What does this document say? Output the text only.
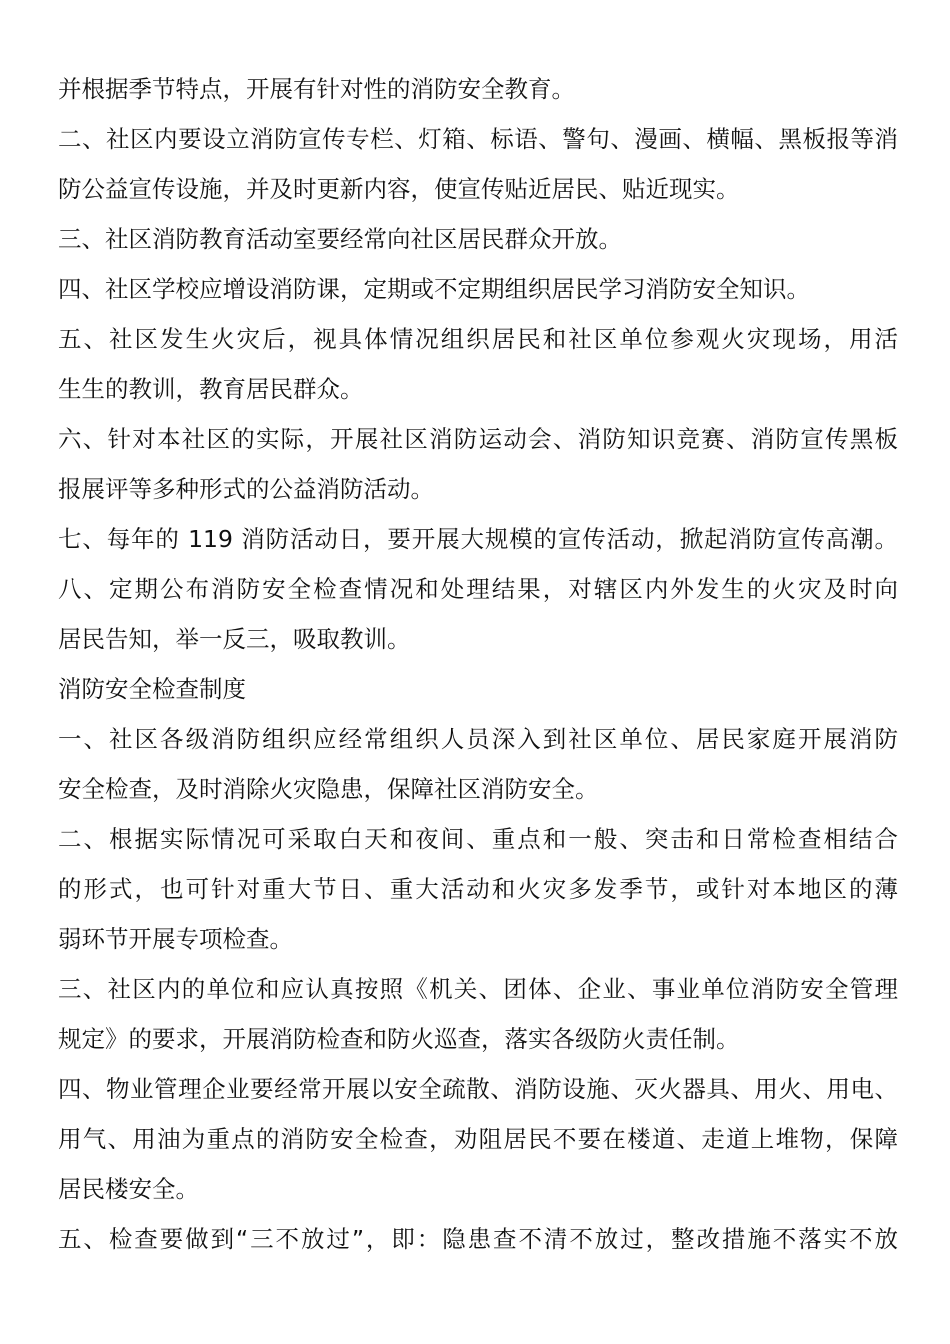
并根据季节特点，开展有针对性的消防安全教育。
二、社区内要设立消防宣传专栏、灯箱、标语、警句、漫画、横幅、黑板报等消
防公益宣传设施，并及时更新内容，使宣传贴近居民、贴近现实。
三、社区消防教育活动室要经常向社区居民群众开放。
四、社区学校应增设消防课，定期或不定期组织居民学习消防安全知识。
五、社区发生火灾后，视具体情况组织居民和社区单位参观火灾现场，用活
生生的教训，教育居民群众。
六、针对本社区的实际，开展社区消防运动会、消防知识竞赛、消防宣传黑板
报展评等多种形式的公益消防活动。
七、每年的 119 消防活动日，要开展大规模的宣传活动，掀起消防宣传高潮。
八、定期公布消防安全检查情况和处理结果，对辖区内外发生的火灾及时向
居民告知，举一反三，吸取教训。
消防安全检查制度
一、社区各级消防组织应经常组织人员深入到社区单位、居民家庭开展消防
安全检查，及时消除火灾隐患，保障社区消防安全。
二、根据实际情况可采取白天和夜间、重点和一般、突击和日常检查相结合
的形式，也可针对重大节日、重大活动和火灾多发季节，或针对本地区的薄
弱环节开展专项检查。
三、社区内的单位和应认真按照《机关、团体、企业、事业单位消防安全管理
规定》的要求，开展消防检查和防火巡查，落实各级防火责任制。
四、物业管理企业要经常开展以安全疏散、消防设施、灭火器具、用火、用电、
用气、用油为重点的消防安全检查，劝阻居民不要在楼道、走道上堆物，保障
居民楼安全。
五、检查要做到“三不放过”，即：隐患查不清不放过，整改措施不落实不放
